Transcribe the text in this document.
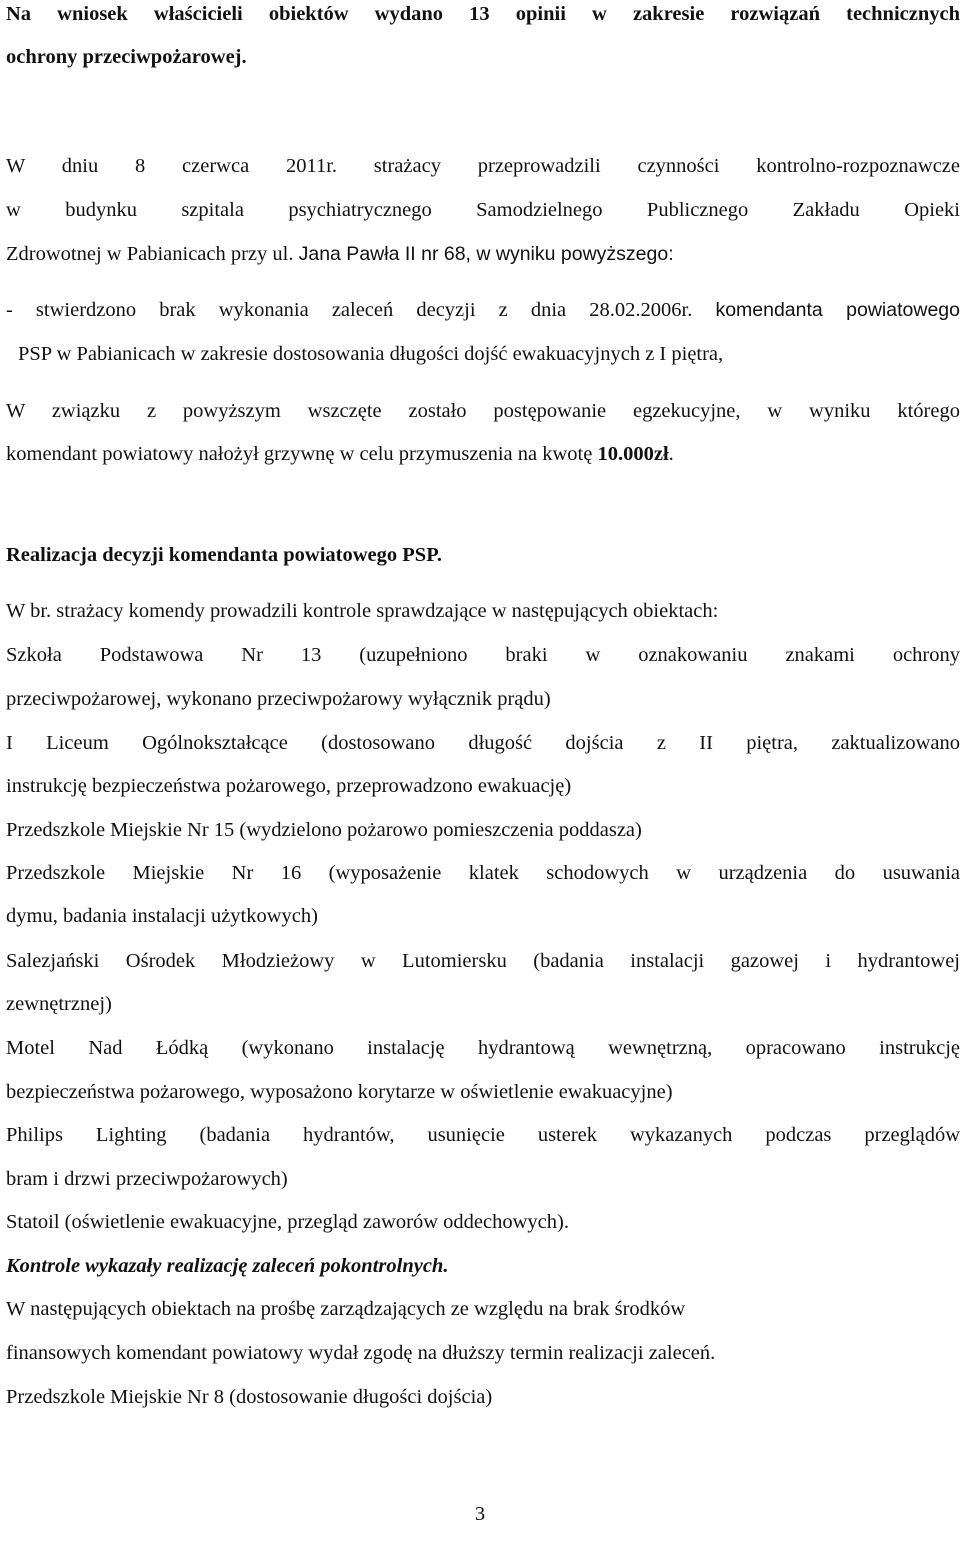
Na wniosek właścicieli obiektów wydano 13 opinii w zakresie rozwiązań technicznych
ochrony przeciwpożarowej.
W dniu 8 czerwca 2011r. strażacy przeprowadzili czynności kontrolno-rozpoznawcze
w budynku szpitala psychiatrycznego Samodzielnego Publicznego Zakładu Opieki
Zdrowotnej w Pabianicach przy ul. Jana Pawła II nr 68, w wyniku powyższego:
- stwierdzono brak wykonania zaleceń decyzji z dnia 28.02.2006r. komendanta powiatowego
PSP w Pabianicach w zakresie dostosowania długości dojść ewakuacyjnych z I piętra,
W związku z powyższym wszczęte zostało postępowanie egzekucyjne, w wyniku którego
komendant powiatowy nałożył grzywnę w celu przymuszenia na kwotę 10.000zł.
Realizacja decyzji komendanta powiatowego PSP.
W br. strażacy komendy prowadzili kontrole sprawdzające w następujących obiektach:
Szkoła Podstawowa Nr 13 (uzupełniono braki w oznakowaniu znakami ochrony
przeciwpożarowej, wykonano przeciwpożarowy wyłącznik prądu)
I Liceum Ogólnokształcące (dostosowano długość dojścia z II piętra, zaktualizowano
instrukcję bezpieczeństwa pożarowego, przeprowadzono ewakuację)
Przedszkole Miejskie Nr 15 (wydzielono pożarowo pomieszczenia poddasza)
Przedszkole Miejskie Nr 16 (wyposażenie klatek schodowych w urządzenia do usuwania
dymu, badania instalacji użytkowych)
Salezjański Ośrodek Młodzieżowy w Lutomiersku (badania instalacji gazowej i hydrantowej
zewnętrznej)
Motel Nad Łódką (wykonano instalację hydrantową wewnętrzną, opracowano instrukcję
bezpieczeństwa pożarowego, wyposażono korytarze w oświetlenie ewakuacyjne)
Philips Lighting (badania hydrantów, usunięcie usterek wykazanych podczas przeglądów
bram i drzwi przeciwpożarowych)
Statoil (oświetlenie ewakuacyjne, przegląd zaworów oddechowych).
Kontrole wykazały realizację zaleceń pokontrolnych.
W następujących obiektach na prośbę zarządzających ze względu na brak środków
finansowych komendant powiatowy wydał zgodę na dłuższy termin realizacji zaleceń.
Przedszkole Miejskie Nr 8 (dostosowanie długości dojścia)
3
